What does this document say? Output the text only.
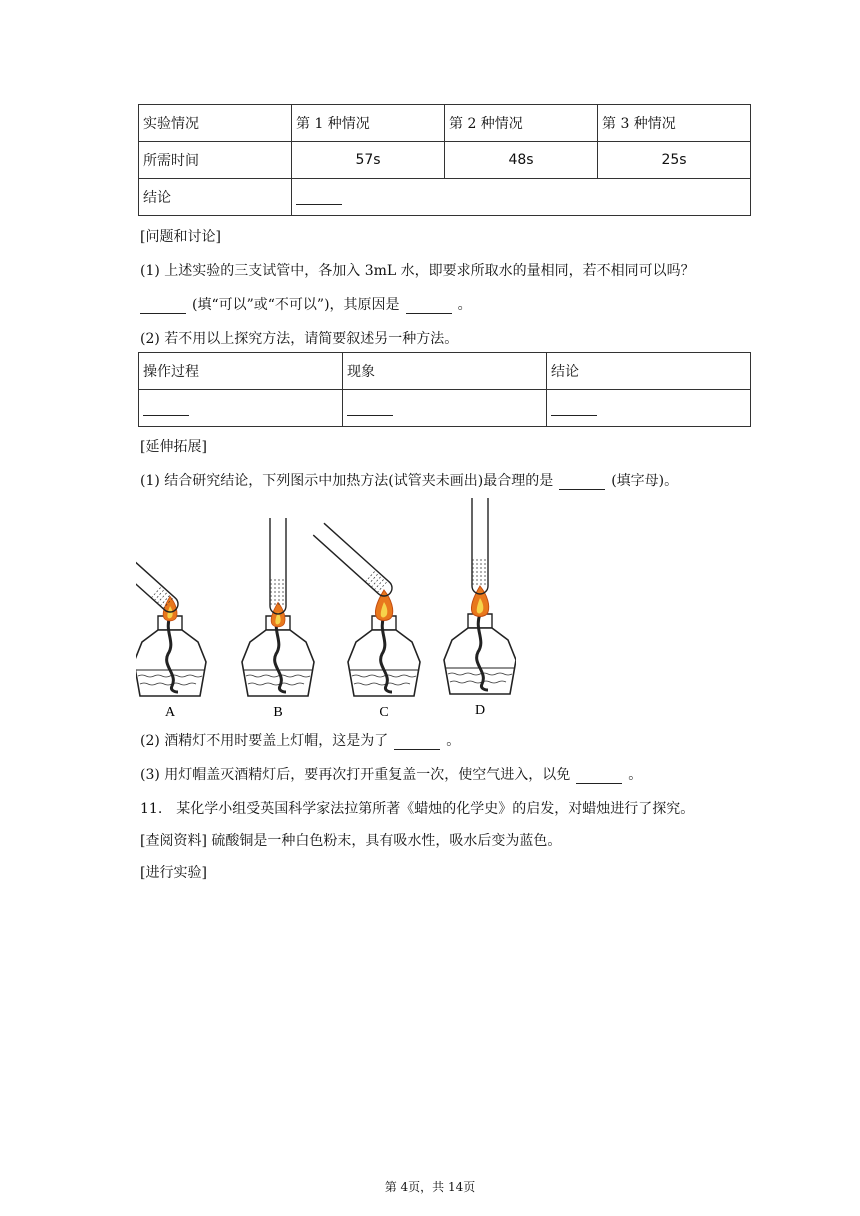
实验情况	第 1 种情况	第 2 种情况	第 3 种情况
所需时间	57s	48s	25s
结论			
[问题和讨论]
(1) 上述实验的三支试管中，各加入 3mL 水，即要求所取水的量相同，若不相同可以吗？
(填“可以”或“不可以”)，其原因是	。
(2) 若不用以上探究方法，请简要叙述另一种方法。
操作过程	现象	结论

[延伸拓展]
(1) 结合研究结论，下列图示中加热方法(试管夹未画出)最合理的是	(填字母)。
A	B	C	D
(2) 酒精灯不用时要盖上灯帽，这是为了	。
(3) 用灯帽盖灭酒精灯后，要再次打开重复盖一次，使空气进入，以免	。
11.　某化学小组受英国科学家法拉第所著《蜡烛的化学史》的启发，对蜡烛进行了探究。
[查阅资料] 硫酸铜是一种白色粉末，具有吸水性，吸水后变为蓝色。
[进行实验]
第 4页，共 14页
